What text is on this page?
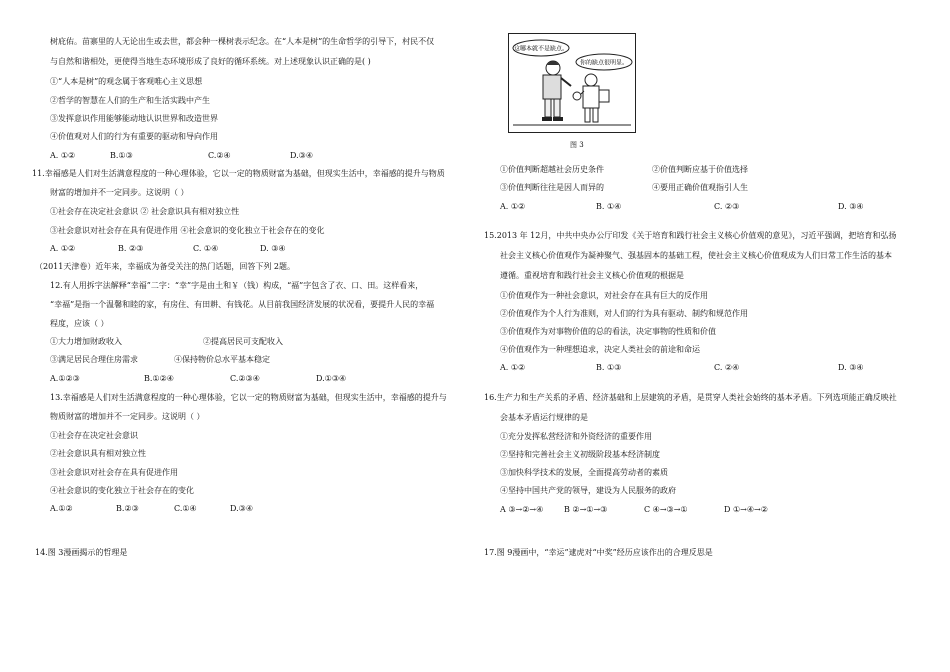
树庇佑。苗寨里的人无论出生或去世，都会种一棵树表示纪念。在“人本是树”的生命哲学的引导下，村民不仅
与自然和谐相处，更使得当地生态环境形成了良好的循环系统。对上述现象认识正确的是( )
①“人本是树”的观念属于客观唯心主义思想
②哲学的智慧在人们的生产和生活实践中产生
③发挥意识作用能够能动地认识世界和改造世界
④价值观对人们的行为有重要的驱动和导向作用
A. ①②	B.①③	C.②④	D.③④
11.幸福感是人们对生活满意程度的一种心理体验，它以一定的物质财富为基础，但现实生活中，幸福感的提升与物质
财富的增加并不一定同步。这说明（ ）
①社会存在决定社会意识 ② 社会意识具有相对独立性
③社会意识对社会存在具有促进作用 ④社会意识的变化独立于社会存在的变化
A. ①②	B. ②③	C. ①④	D. ③④
（2011天津卷）近年来，幸福成为备受关注的热门话题，回答下列 2题。
12.有人用拆字法解释“幸福”二字：“幸”字是由土和￥（钱）构成，“福”字包含了衣、口、田。这样看来，
“幸福”是指一个温馨和睦的家，有房住、有田耕、有钱花。从目前我国经济发展的状况看，要提升人民的幸福
程度，应该（ ）
①大力增加财政收入	②提高居民可支配收入
③满足居民合理住房需求	④保持物价总水平基本稳定
A.①②③	B.①②④	C.②③④	D.①③④
13.幸福感是人们对生活满意程度的一种心理体验，它以一定的物质财富为基础，但现实生活中，幸福感的提升与
物质财富的增加并不一定同步。这说明（ ）
①社会存在决定社会意识
②社会意识具有相对独立性
③社会意识对社会存在具有促进作用
④社会意识的变化独立于社会存在的变化
A.①②	B.②③	C.①④	D.③④
14.图 3漫画揭示的哲理是
这哪本就不是缺点。
你的缺点很明显。
图 3
①价值判断超越社会历史条件	②价值判断应基于价值选择
③价值判断往往是因人而异的	④要用正确价值观指引人生
A. ①②	B. ①④	C. ②③	D. ③④
15.2013 年 12月，中共中央办公厅印发《关于培育和践行社会主义核心价值观的意见》，习近平强调，把培育和弘扬
社会主义核心价值观作为凝神聚气、强基固本的基础工程，使社会主义核心价值观成为人们日常工作生活的基本
遵循。重视培育和践行社会主义核心价值观的根据是
①价值观作为一种社会意识，对社会存在具有巨大的反作用
②价值观作为个人行为准则，对人们的行为具有驱动、制约和规范作用
③价值观作为对事物价值的总的看法，决定事物的性质和价值
④价值观作为一种理想追求，决定人类社会的前途和命运
A. ①②	B. ①③	C. ②④	D. ③④
16.生产力和生产关系的矛盾、经济基础和上层建筑的矛盾，是贯穿人类社会始终的基本矛盾。下列选项能正确反映社
会基本矛盾运行规律的是
①充分发挥私营经济和外资经济的重要作用
②坚持和完善社会主义初级阶段基本经济制度
③加快科学技术的发展，全面提高劳动者的素质
④坚持中国共产党的领导，建设为人民服务的政府
A ③→②→④	B ②→①→③	C ④→③→①	D ①→④→②
17.图 9漫画中，“幸运”逮虎对“中奖”经历应该作出的合理反思是
